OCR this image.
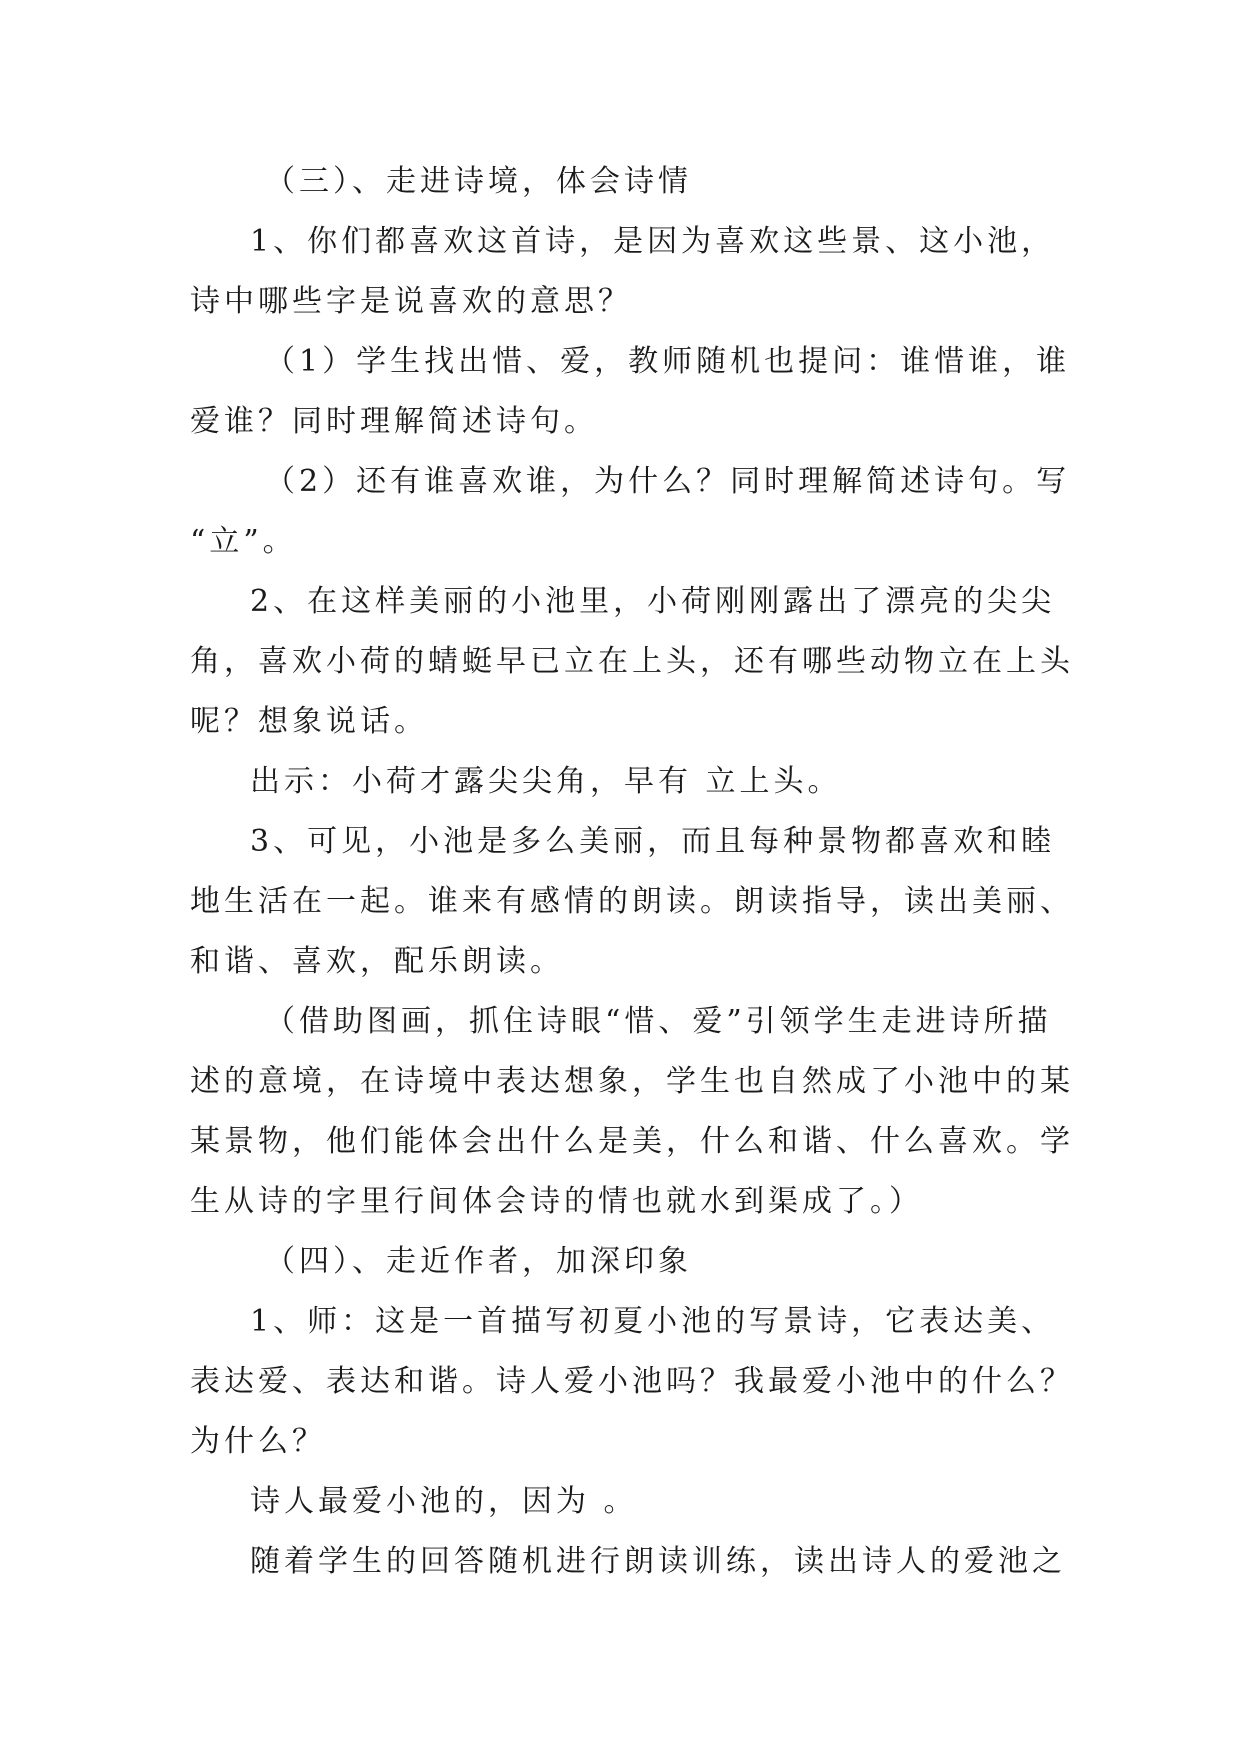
（三）、走进诗境，体会诗情
1、你们都喜欢这首诗，是因为喜欢这些景、这小池，
诗中哪些字是说喜欢的意思？
（1）学生找出惜、爱，教师随机也提问：谁惜谁，谁
爱谁？同时理解简述诗句。
（2）还有谁喜欢谁，为什么？同时理解简述诗句。写
“立”。
2、在这样美丽的小池里，小荷刚刚露出了漂亮的尖尖
角，喜欢小荷的蜻蜓早已立在上头，还有哪些动物立在上头
呢？想象说话。
出示：小荷才露尖尖角，早有 立上头。
3、可见，小池是多么美丽，而且每种景物都喜欢和睦
地生活在一起。谁来有感情的朗读。朗读指导，读出美丽、
和谐、喜欢，配乐朗读。
（借助图画，抓住诗眼“惜、爱”引领学生走进诗所描
述的意境，在诗境中表达想象，学生也自然成了小池中的某
某景物，他们能体会出什么是美，什么和谐、什么喜欢。学
生从诗的字里行间体会诗的情也就水到渠成了。）
（四）、走近作者，加深印象
1、师：这是一首描写初夏小池的写景诗，它表达美、
表达爱、表达和谐。诗人爱小池吗？我最爱小池中的什么？
为什么？
诗人最爱小池的，因为 。
随着学生的回答随机进行朗读训练，读出诗人的爱池之
